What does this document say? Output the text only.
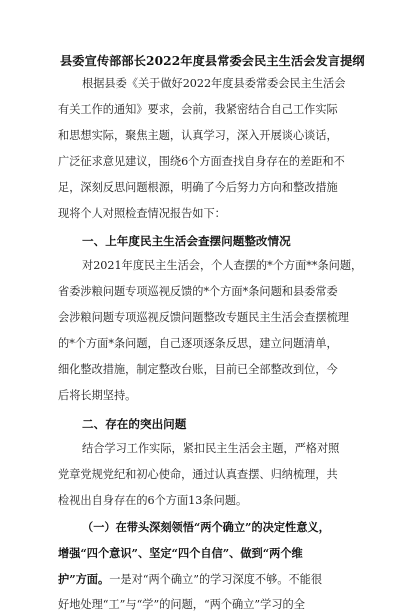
县委宣传部部长2022年度县常委会民主生活会发言提纲
根据县委《关于做好2022年度县委常委会民主生活会
有关工作的通知》要求，会前，我紧密结合自己工作实际
和思想实际，聚焦主题，认真学习，深入开展谈心谈话，
广泛征求意见建议，围绕6个方面查找自身存在的差距和不
足，深刻反思问题根源，明确了今后努力方向和整改措施
现将个人对照检查情况报告如下：
一、上年度民主生活会查摆问题整改情况
对2021年度民主生活会，个人查摆的*个方面**条问题，
省委涉粮问题专项巡视反馈的*个方面*条问题和县委常委
会涉粮问题专项巡视反馈问题整改专题民主生活会查摆梳理
的*个方面*条问题，自己逐项逐条反思，建立问题清单，
细化整改措施，制定整改台账，目前已全部整改到位，今
后将长期坚持。
二、存在的突出问题
结合学习工作实际，紧扣民主生活会主题，严格对照
党章党规党纪和初心使命，通过认真查摆、归纳梳理，共
检视出自身存在的6个方面13条问题。
（一）在带头深刻领悟“两个确立”的决定性意义，
增强“四个意识”、坚定“四个自信”、做到“两个维
护”方面。一是对“两个确立”的学习深度不够。不能很
好地处理“工”与“学”的问题，“两个确立”学习的全
